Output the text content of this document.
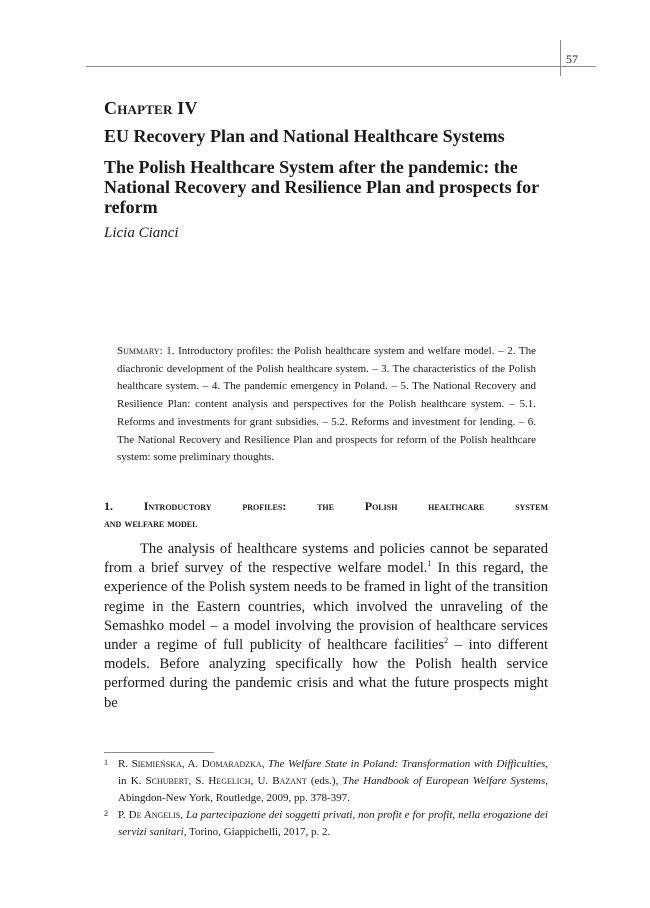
57
Chapter IV
EU Recovery Plan and National Healthcare Systems
The Polish Healthcare System after the pandemic: the National Recovery and Resilience Plan and prospects for reform
Licia Cianci
Summary: 1. Introductory profiles: the Polish healthcare system and welfare model. – 2. The diachronic development of the Polish healthcare system. – 3. The characteristics of the Polish healthcare system. – 4. The pandemic emergency in Poland. – 5. The National Recovery and Resilience Plan: content analysis and perspectives for the Polish healthcare system. – 5.1. Reforms and investments for grant subsidies. – 5.2. Reforms and investment for lending. – 6. The National Recovery and Resilience Plan and prospects for reform of the Polish healthcare system: some preliminary thoughts.
1.	Introductory profiles: the Polish healthcare system
and welfare model
The analysis of healthcare systems and policies cannot be separated from a brief survey of the respective welfare model.$^1$ In this regard, the experience of the Polish system needs to be framed in light of the transition regime in the Eastern countries, which involved the unraveling of the Semashko model – a model involving the provision of healthcare services under a regime of full publicity of healthcare facilities$^2$ – into different models. Before analyzing specifically how the Polish health service performed during the pandemic crisis and what the future prospects might be
1 R. Siemieńska, A. Domaradzka, The Welfare State in Poland: Transformation with Difficulties, in K. Schubert, S. Hegelich, U. Bazant (eds.), The Handbook of European Welfare Systems, Abingdon-New York, Routledge, 2009, pp. 378-397.
2 P. De Angelis, La partecipazione dei soggetti privati, non profit e for profit, nella erogazione dei servizi sanitari, Torino, Giappichelli, 2017, p. 2.
